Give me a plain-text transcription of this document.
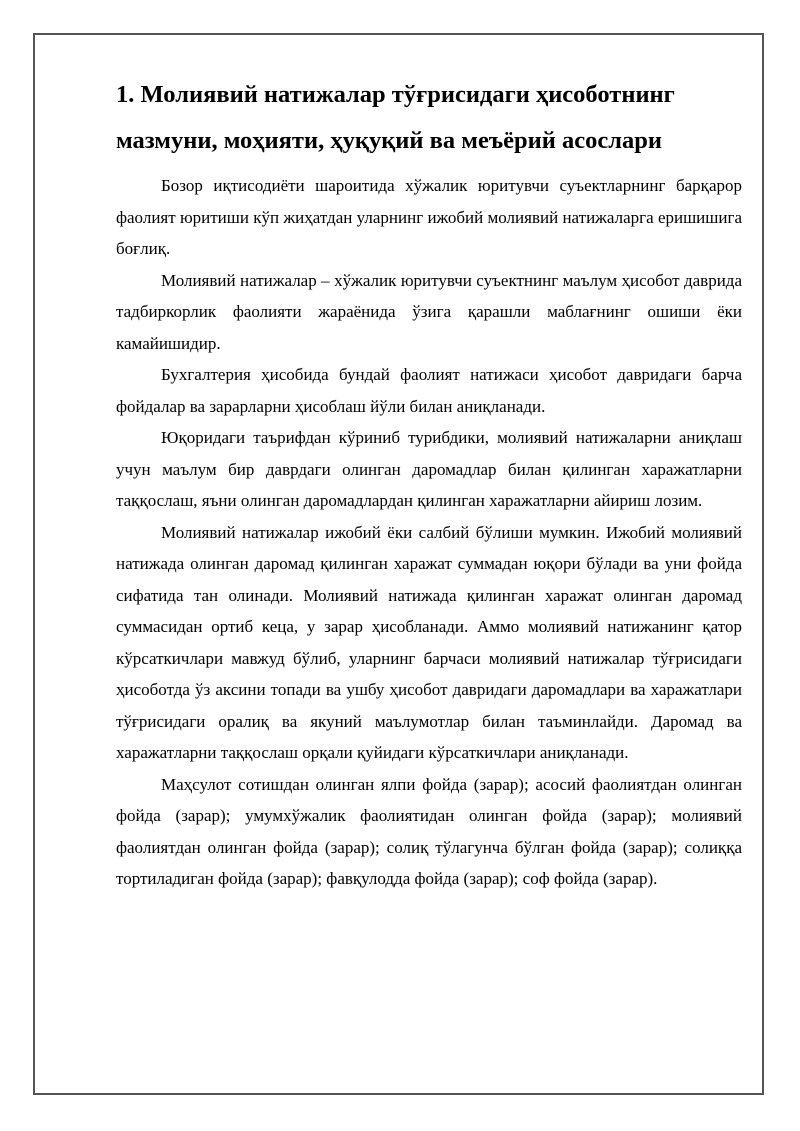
1. Молиявий натижалар тўғрисидаги ҳисоботнинг мазмуни, моҳияти, ҳуқуқий ва меъёрий асослари

Бозор иқтисодиёти шароитида хўжалик юритувчи суъектларнинг барқарор фаолият юритиши кўп жиҳатдан уларнинг ижобий молиявий натижаларга еришишига боғлиқ.

Молиявий натижалар – хўжалик юритувчи суъектнинг маълум ҳисобот даврида тадбиркорлик фаолияти жараёнида ўзига қарашли маблағнинг ошиши ёки камайишидир.

Бухгалтерия ҳисобида бундай фаолият натижаси ҳисобот давридаги барча фойдалар ва зарарларни ҳисоблаш йўли билан аниқланади.

Юқоридаги таърифдан кўриниб турибдики, молиявий натижаларни аниқлаш учун маълум бир даврдаги олинган даромадлар билан қилинган харажатларни таққослаш, яъни олинган даромадлардан қилинган харажатларни айириш лозим.

Молиявий натижалар ижобий ёки салбий бўлиши мумкин. Ижобий молиявий натижада олинган даромад қилинган харажат суммадан юқори бўлади ва уни фойда сифатида тан олинади. Молиявий натижада қилинган харажат олинган даромад суммасидан ортиб кеца, у зарар ҳисобланади. Аммо молиявий натижанинг қатор кўрсаткичлари мавжуд бўлиб, уларнинг барчаси молиявий натижалар тўғрисидаги ҳисоботда ўз аксини топади ва ушбу ҳисобот давридаги даромадлари ва харажатлари тўғрисидаги оралиқ ва якуний маълумотлар билан таъминлайди. Даромад ва харажатларни таққослаш орқали қуйидаги кўрсаткичлари аниқланади.

Маҳсулот сотишдан олинган ялпи фойда (зарар); асосий фаолиятдан олинган фойда (зарар); умумхўжалик фаолиятидан олинган фойда (зарар); молиявий фаолиятдан олинган фойда (зарар); солиқ тўлагунча бўлган фойда (зарар); солиққа тортиладиган фойда (зарар); фавқулодда фойда (зарар); соф фойда (зарар).
